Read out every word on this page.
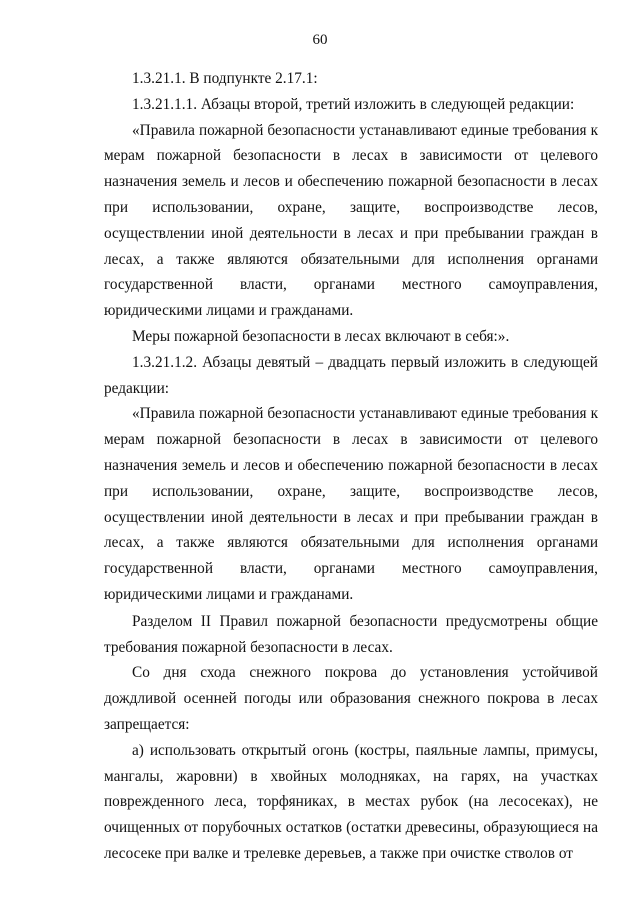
60

1.3.21.1. В подпункте 2.17.1:

1.3.21.1.1. Абзацы второй, третий изложить в следующей редакции:

«Правила пожарной безопасности устанавливают единые требования к мерам пожарной безопасности в лесах в зависимости от целевого назначения земель и лесов и обеспечению пожарной безопасности в лесах при использовании, охране, защите, воспроизводстве лесов, осуществлении иной деятельности в лесах и при пребывании граждан в лесах, а также являются обязательными для исполнения органами государственной власти, органами местного самоуправления, юридическими лицами и гражданами.

Меры пожарной безопасности в лесах включают в себя:».

1.3.21.1.2. Абзацы девятый – двадцать первый изложить в следующей редакции:

«Правила пожарной безопасности устанавливают единые требования к мерам пожарной безопасности в лесах в зависимости от целевого назначения земель и лесов и обеспечению пожарной безопасности в лесах при использовании, охране, защите, воспроизводстве лесов, осуществлении иной деятельности в лесах и при пребывании граждан в лесах, а также являются обязательными для исполнения органами государственной власти, органами местного самоуправления, юридическими лицами и гражданами.

Разделом II Правил пожарной безопасности предусмотрены общие требования пожарной безопасности в лесах.

Со дня схода снежного покрова до установления устойчивой дождливой осенней погоды или образования снежного покрова в лесах запрещается:

а) использовать открытый огонь (костры, паяльные лампы, примусы, мангалы, жаровни) в хвойных молодняках, на гарях, на участках поврежденного леса, торфяниках, в местах рубок (на лесосеках), не очищенных от порубочных остатков (остатки древесины, образующиеся на лесосеке при валке и трелевке деревьев, а также при очистке стволов от
